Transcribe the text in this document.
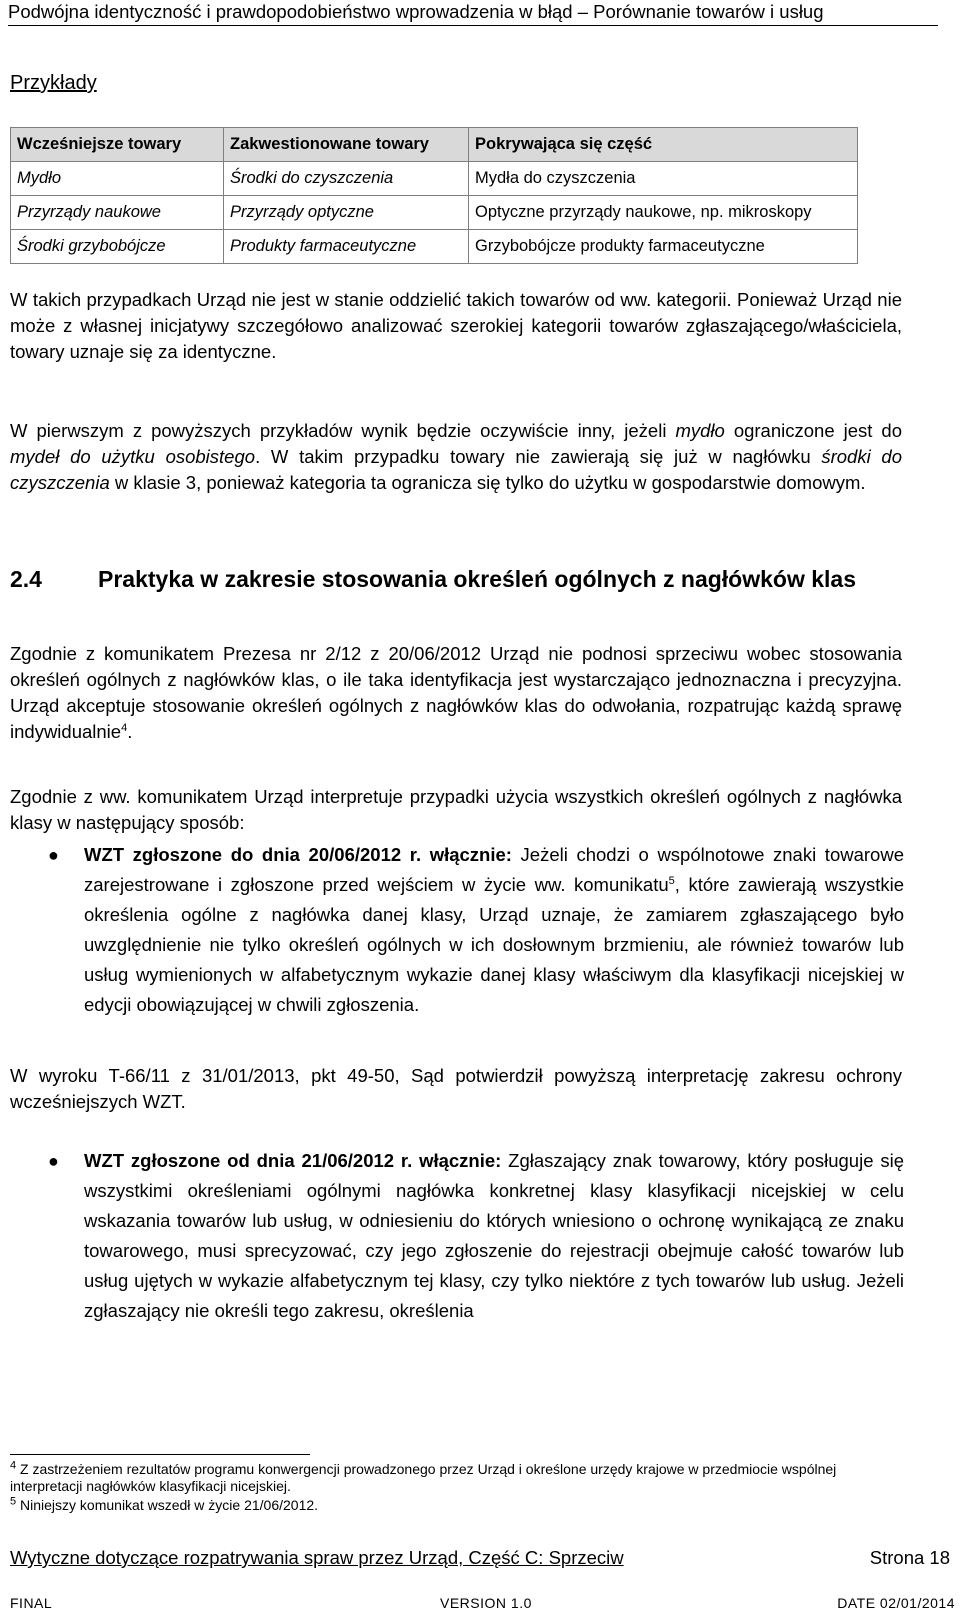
Podwójna identyczność i prawdopodobieństwo wprowadzenia w błąd – Porównanie towarów i usług
Przykłady
Wcześniejsze towary	Zakwestionowane towary	Pokrywająca się część
Mydło	Środki do czyszczenia	Mydła do czyszczenia
Przyrządy naukowe	Przyrządy optyczne	Optyczne przyrządy naukowe, np. mikroskopy
Środki grzybobójcze	Produkty farmaceutyczne	Grzybobójcze produkty farmaceutyczne

W takich przypadkach Urząd nie jest w stanie oddzielić takich towarów od ww. kategorii. Ponieważ Urząd nie może z własnej inicjatywy szczegółowo analizować szerokiej kategorii towarów zgłaszającego/właściciela, towary uznaje się za identyczne.

W pierwszym z powyższych przykładów wynik będzie oczywiście inny, jeżeli mydło ograniczone jest do mydeł do użytku osobistego. W takim przypadku towary nie zawierają się już w nagłówku środki do czyszczenia w klasie 3, ponieważ kategoria ta ogranicza się tylko do użytku w gospodarstwie domowym.

2.4 Praktyka w zakresie stosowania określeń ogólnych z nagłówków klas

Zgodnie z komunikatem Prezesa nr 2/12 z 20/06/2012 Urząd nie podnosi sprzeciwu wobec stosowania określeń ogólnych z nagłówków klas, o ile taka identyfikacja jest wystarczająco jednoznaczna i precyzyjna. Urząd akceptuje stosowanie określeń ogólnych z nagłówków klas do odwołania, rozpatrując każdą sprawę indywidualnie$^4$.

Zgodnie z ww. komunikatem Urząd interpretuje przypadki użycia wszystkich określeń ogólnych z nagłówka klasy w następujący sposób:

● WZT zgłoszone do dnia 20/06/2012 r. włącznie: Jeżeli chodzi o wspólnotowe znaki towarowe zarejestrowane i zgłoszone przed wejściem w życie ww. komunikatu$^5$, które zawierają wszystkie określenia ogólne z nagłówka danej klasy, Urząd uznaje, że zamiarem zgłaszającego było uwzględnienie nie tylko określeń ogólnych w ich dosłownym brzmieniu, ale również towarów lub usług wymienionych w alfabetycznym wykazie danej klasy właściwym dla klasyfikacji nicejskiej w edycji obowiązującej w chwili zgłoszenia.

W wyroku T-66/11 z 31/01/2013, pkt 49-50, Sąd potwierdził powyższą interpretację zakresu ochrony wcześniejszych WZT.

● WZT zgłoszone od dnia 21/06/2012 r. włącznie: Zgłaszający znak towarowy, który posługuje się wszystkimi określeniami ogólnymi nagłówka konkretnej klasy klasyfikacji nicejskiej w celu wskazania towarów lub usług, w odniesieniu do których wniesiono o ochronę wynikającą ze znaku towarowego, musi sprecyzować, czy jego zgłoszenie do rejestracji obejmuje całość towarów lub usług ujętych w wykazie alfabetycznym tej klasy, czy tylko niektóre z tych towarów lub usług. Jeżeli zgłaszający nie określi tego zakresu, określenia

$^4$ Z zastrzeżeniem rezultatów programu konwergencji prowadzonego przez Urząd i określone urzędy krajowe w przedmiocie wspólnej interpretacji nagłówków klasyfikacji nicejskiej.

$^5$ Niniejszy komunikat wszedł w życie 21/06/2012.

Wytyczne dotyczące rozpatrywania spraw przez Urząd, Część C: Sprzeciw	Strona 18
FINAL	VERSION 1.0	DATE 02/01/2014
